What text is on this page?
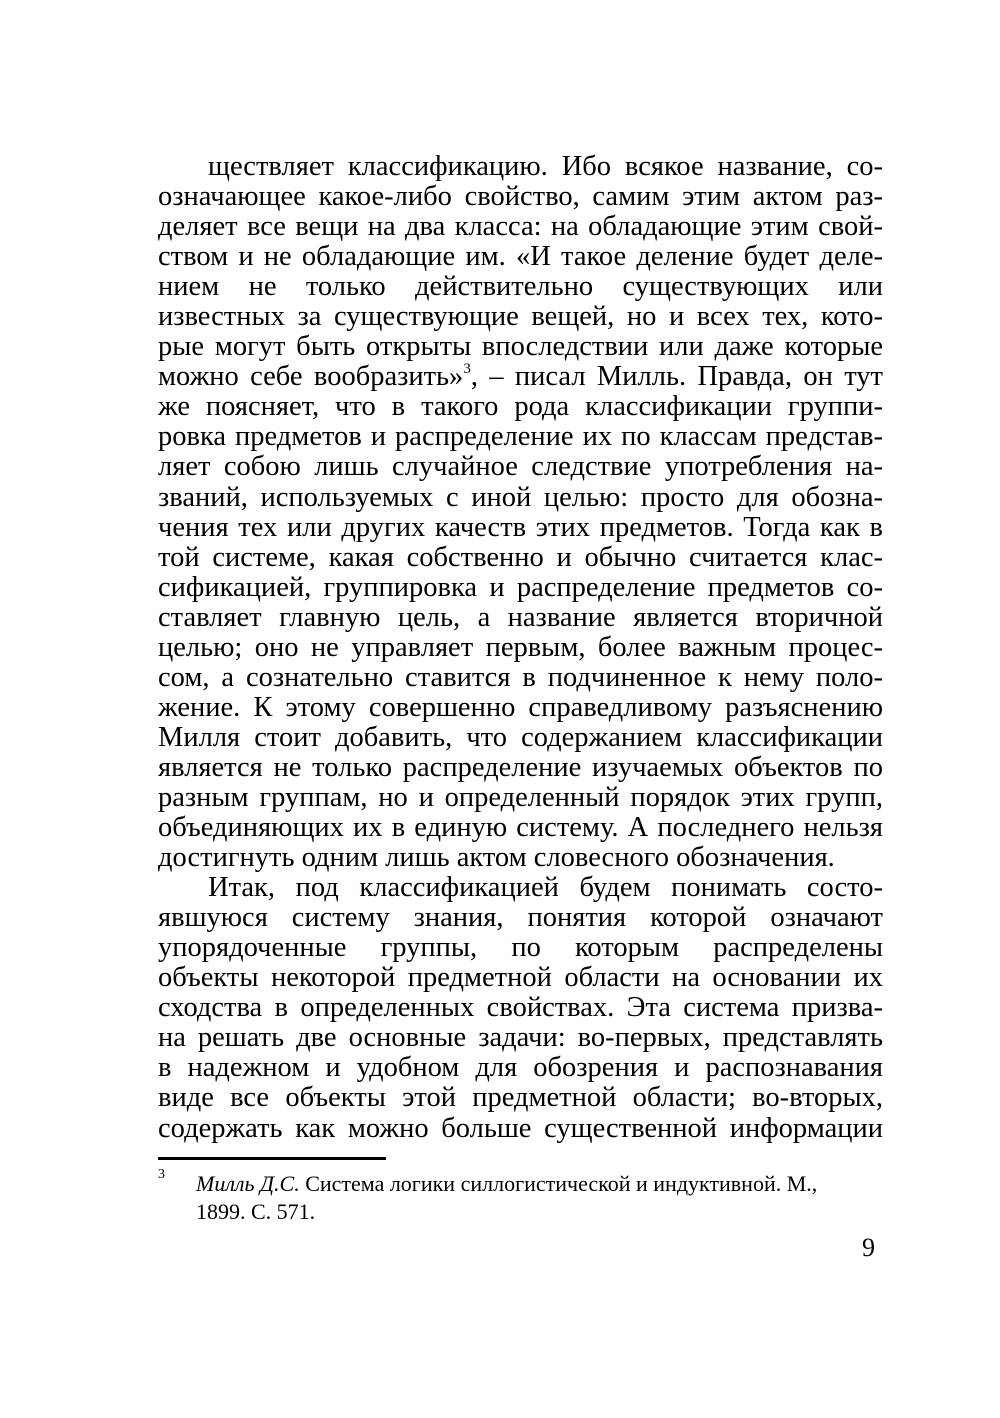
ществляет классификацию. Ибо всякое название, со-
означающее какое-либо свойство, самим этим актом раз-
деляет все вещи на два класса: на обладающие этим свой-
ством и не обладающие им. «И такое деление будет деле-
нием не только действительно существующих или
известных за существующие вещей, но и всех тех, кото-
рые могут быть открыты впоследствии или даже которые
можно себе вообразить»$^3$, – писал Милль. Правда, он тут
же поясняет, что в такого рода классификации группи-
ровка предметов и распределение их по классам представ-
ляет собою лишь случайное следствие употребления на-
званий, используемых с иной целью: просто для обозна-
чения тех или других качеств этих предметов. Тогда как в
той системе, какая собственно и обычно считается клас-
сификацией, группировка и распределение предметов со-
ставляет главную цель, а название является вторичной
целью; оно не управляет первым, более важным процес-
сом, а сознательно ставится в подчиненное к нему поло-
жение. К этому совершенно справедливому разъяснению
Милля стоит добавить, что содержанием классификации
является не только распределение изучаемых объектов по
разным группам, но и определенный порядок этих групп,
объединяющих их в единую систему. А последнего нельзя
достигнуть одним лишь актом словесного обозначения.
Итак, под классификацией будем понимать состо-
явшуюся систему знания, понятия которой означают
упорядоченные группы, по которым распределены
объекты некоторой предметной области на основании их
сходства в определенных свойствах. Эта система призва-
на решать две основные задачи: во-первых, представлять
в надежном и удобном для обозрения и распознавания
виде все объекты этой предметной области; во-вторых,
содержать как можно больше существенной информации
3 Милль Д.С. Система логики силлогистической и индуктивной. М.,
1899. С. 571.
9
